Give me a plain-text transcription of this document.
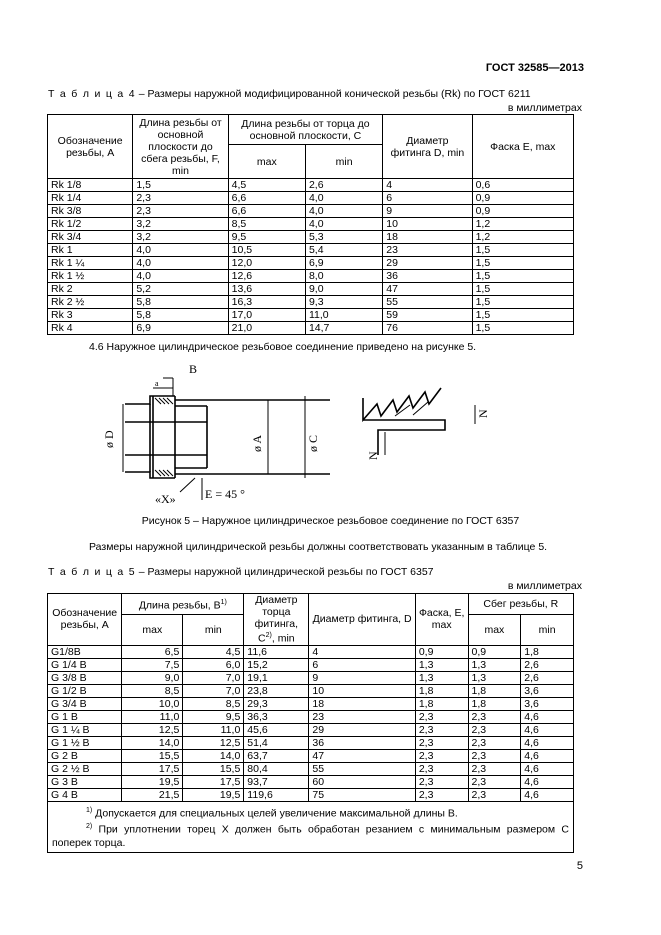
ГОСТ 32585—2013
Т а б л и ц а 4 – Размеры наружной модифицированной конической резьбы (Rk) по ГОСТ 6211
в миллиметрах
Обозначение резьбы, A	Длина резьбы от основной плоскости до сбега резьбы, F, min	Длина резьбы от торца до основной плоскости, C		Диаметр фитинга D, min	Фаска E, max
		max	min		
Rk 1/8	1,5	4,5	2,6	4	0,6
Rk 1/4	2,3	6,6	4,0	6	0,9
Rk 3/8	2,3	6,6	4,0	9	0,9
Rk 1/2	3,2	8,5	4,0	10	1,2
Rk 3/4	3,2	9,5	5,3	18	1,2
Rk 1	4,0	10,5	5,4	23	1,5
Rk 1 ¼	4,0	12,0	6,9	29	1,5
Rk 1 ½	4,0	12,6	8,0	36	1,5
Rk 2	5,2	13,6	9,0	47	1,5
Rk 2 ½	5,8	16,3	9,3	55	1,5
Rk 3	5,8	17,0	11,0	59	1,5
Rk 4	6,9	21,0	14,7	76	1,5
4.6 Наружное цилиндрическое резьбовое соединение приведено на рисунке 5.
B
a
ø D	ø A	ø C
«X» E = 45 °
N
N
Рисунок 5 – Наружное цилиндрическое резьбовое соединение по ГОСТ 6357
Размеры наружной цилиндрической резьбы должны соответствовать указанным в таблице 5.
Т а б л и ц а 5 – Размеры наружной цилиндрической резьбы по ГОСТ 6357
в миллиметрах
Обозначение резьбы, A	Длина резьбы, $B^{1)}$		Диаметр торца фитинга, $C^{2)}$, min	Диаметр фитинга, D	Фаска, E, max	Сбег резьбы, R	
	max	min				max	min
G1/8B	6,5	4,5	11,6	4	0,9	0,9	1,8
G 1/4 B	7,5	6,0	15,2	6	1,3	1,3	2,6
G 3/8 B	9,0	7,0	19,1	9	1,3	1,3	2,6
G 1/2 B	8,5	7,0	23,8	10	1,8	1,8	3,6
G 3/4 B	10,0	8,5	29,3	18	1,8	1,8	3,6
G 1 B	11,0	9,5	36,3	23	2,3	2,3	4,6
G 1 ¼ B	12,5	11,0	45,6	29	2,3	2,3	4,6
G 1 ½ B	14,0	12,5	51,4	36	2,3	2,3	4,6
G 2 B	15,5	14,0	63,7	47	2,3	2,3	4,6
G 2 ½ B	17,5	15,5	80,4	55	2,3	2,3	4,6
G 3 B	19,5	17,5	93,7	60	2,3	2,3	4,6
G 4 B	21,5	19,5	119,6	75	2,3	2,3	4,6

$^{1)}$ Допускается для специальных целей увеличение максимальной длины B.
$^{2)}$ При уплотнении торец X должен быть обработан резанием с минимальным размером С поперек торца.							
5
